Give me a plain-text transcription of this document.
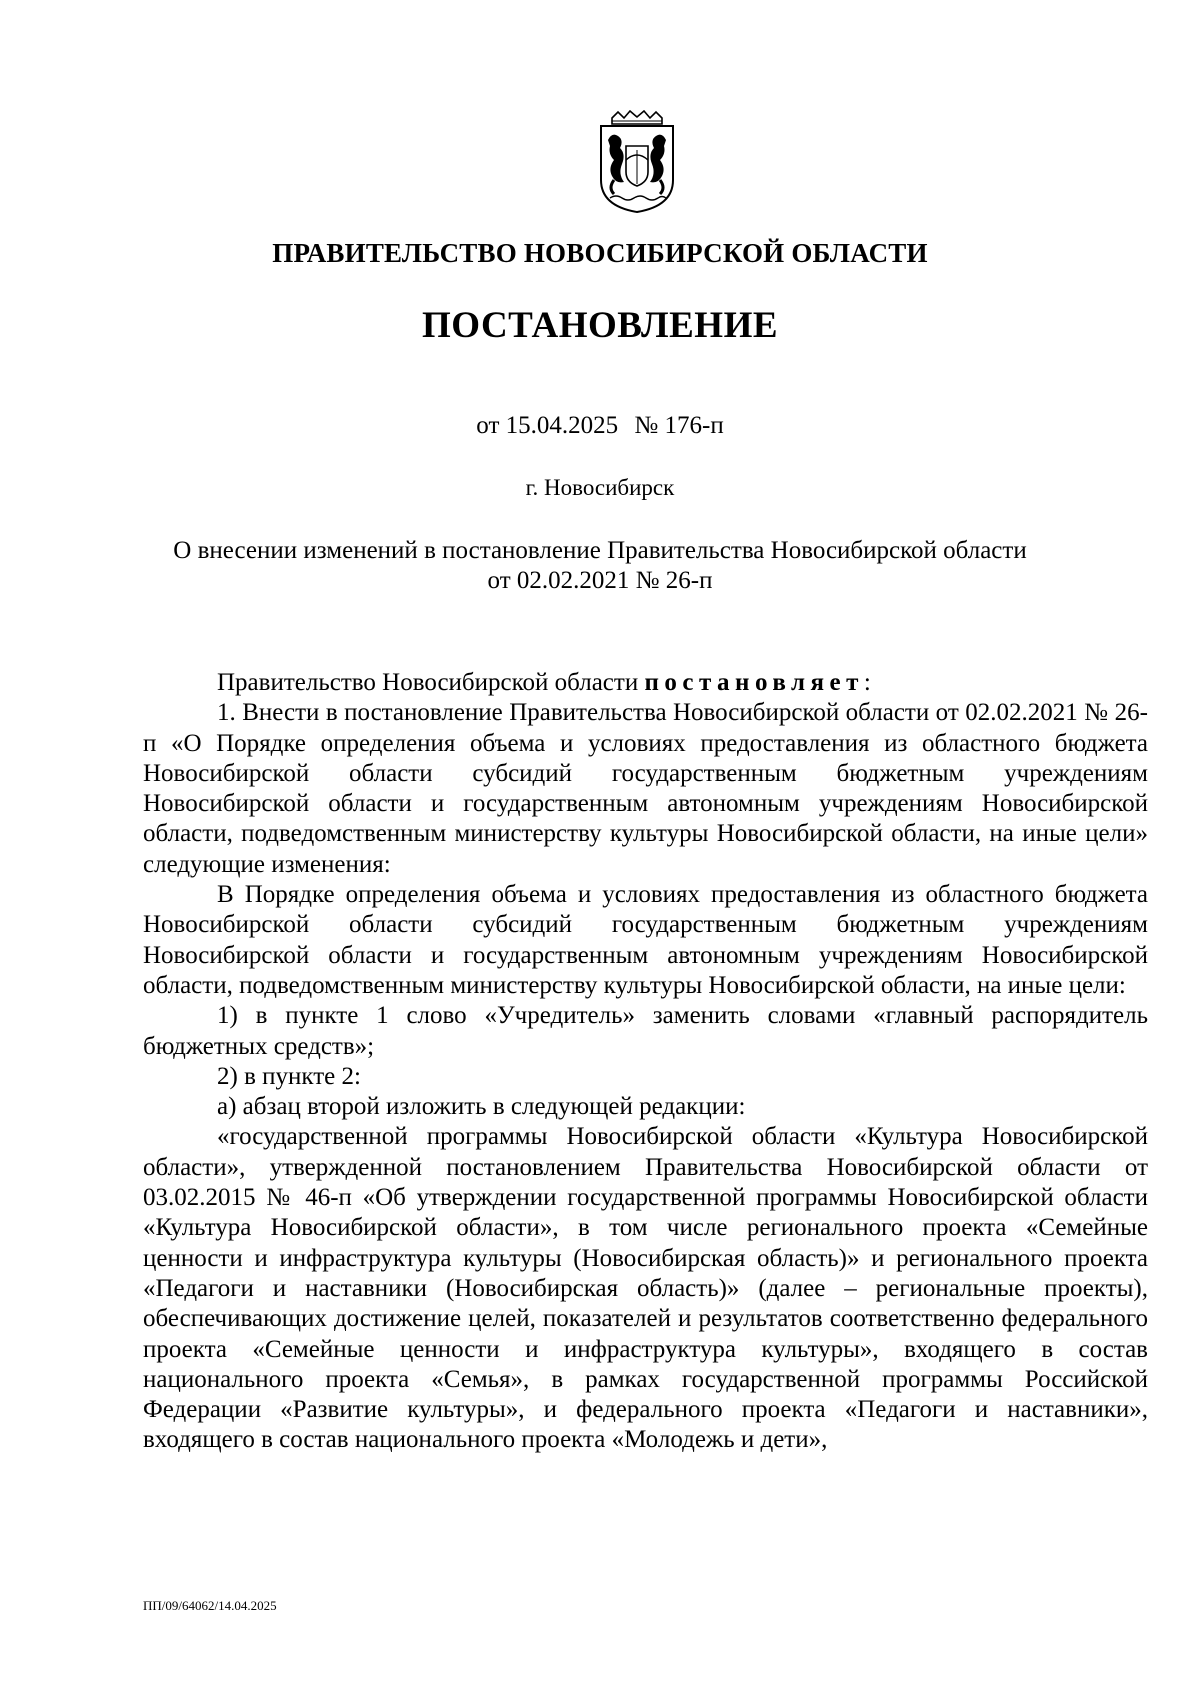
ПРАВИТЕЛЬСТВО НОВОСИБИРСКОЙ ОБЛАСТИ
ПОСТАНОВЛЕНИЕ
от 15.04.2025 № 176-п
г. Новосибирск
О внесении изменений в постановление Правительства Новосибирской области
от 02.02.2021 № 26-п

Правительство Новосибирской области постановляет:

1. Внести в постановление Правительства Новосибирской области от 02.02.2021 № 26-п «О Порядке определения объема и условиях предоставления из областного бюджета Новосибирской области субсидий государственным бюджетным учреждениям Новосибирской области и государственным автономным учреждениям Новосибирской области, подведомственным министерству культуры Новосибирской области, на иные цели» следующие изменения:

В Порядке определения объема и условиях предоставления из областного бюджета Новосибирской области субсидий государственным бюджетным учреждениям Новосибирской области и государственным автономным учреждениям Новосибирской области, подведомственным министерству культуры Новосибирской области, на иные цели:

1) в пункте 1 слово «Учредитель» заменить словами «главный распорядитель бюджетных средств»;

2) в пункте 2:

а) абзац второй изложить в следующей редакции:

«государственной программы Новосибирской области «Культура Новосибирской области», утвержденной постановлением Правительства Новосибирской области от 03.02.2015 № 46-п «Об утверждении государственной программы Новосибирской области «Культура Новосибирской области», в том числе регионального проекта «Семейные ценности и инфраструктура культуры (Новосибирская область)» и регионального проекта «Педагоги и наставники (Новосибирская область)» (далее – региональные проекты), обеспечивающих достижение целей, показателей и результатов соответственно федерального проекта «Семейные ценности и инфраструктура культуры», входящего в состав национального проекта «Семья», в рамках государственной программы Российской Федерации «Развитие культуры», и федерального проекта «Педагоги и наставники», входящего в состав национального проекта «Молодежь и дети»,

ПП/09/64062/14.04.2025
